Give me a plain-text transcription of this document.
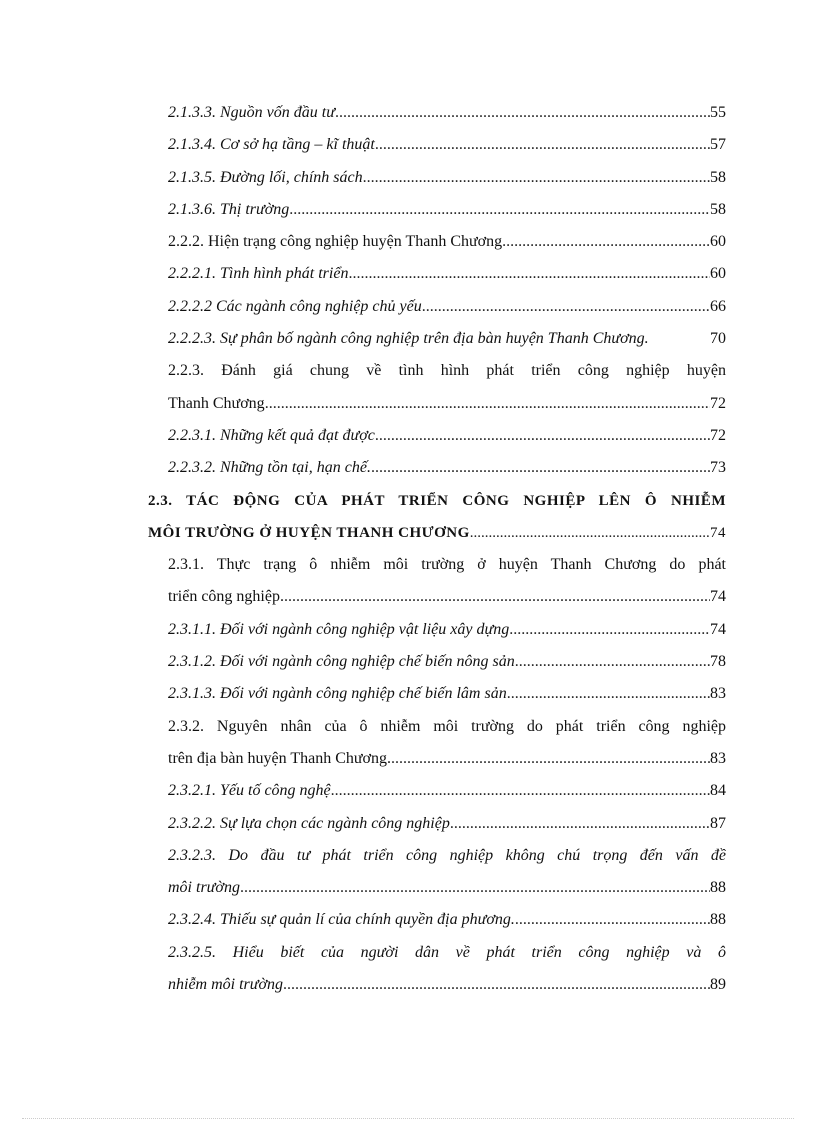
2.1.3.3. Nguồn vốn đầu tư .....	55
2.1.3.4. Cơ sở hạ tầng – kĩ thuật .....	57
2.1.3.5. Đường lối, chính sách .....	58
2.1.3.6. Thị trường .....	58
2.2.2. Hiện trạng công nghiệp huyện Thanh Chương .....	60
2.2.2.1. Tình hình phát triển .....	60
2.2.2.2 Các ngành công nghiệp chủ yếu .....	66
2.2.2.3. Sự phân bố ngành công nghiệp trên địa bàn huyện Thanh Chương.	70
2.2.3. Đánh giá chung về tình hình phát triển công nghiệp huyện
Thanh Chương .....	72
2.2.3.1. Những kết quả đạt được .....	72
2.2.3.2. Những tồn tại, hạn chế. .....	73
2.3. TÁC ĐỘNG CỦA PHÁT TRIỂN CÔNG NGHIỆP LÊN Ô NHIỄM
MÔI TRƯỜNG Ở HUYỆN THANH CHƯƠNG .....	74
2.3.1. Thực trạng ô nhiễm môi trường ở huyện Thanh Chương do phát
triển công nghiệp. .....	74
2.3.1.1. Đối với ngành công nghiệp vật liệu xây dựng .....	74
2.3.1.2. Đối với ngành công nghiệp chế biến nông sản .....	78
2.3.1.3. Đối với ngành công nghiệp chế biến lâm sản .....	83
2.3.2. Nguyên nhân của ô nhiễm môi trường do phát triển công nghiệp
trên địa bàn huyện Thanh Chương. .....	83
2.3.2.1. Yếu tố công nghệ .....	84
2.3.2.2. Sự lựa chọn các ngành công nghiệp .....	87
2.3.2.3. Do đầu tư phát triển công nghiệp không chú trọng đến vấn đề
môi trường .....	88
2.3.2.4. Thiếu sự quản lí của chính quyền địa phương. .....	88
2.3.2.5. Hiểu biết của người dân về phát triển công nghiệp và ô
nhiễm môi trường .....	89
